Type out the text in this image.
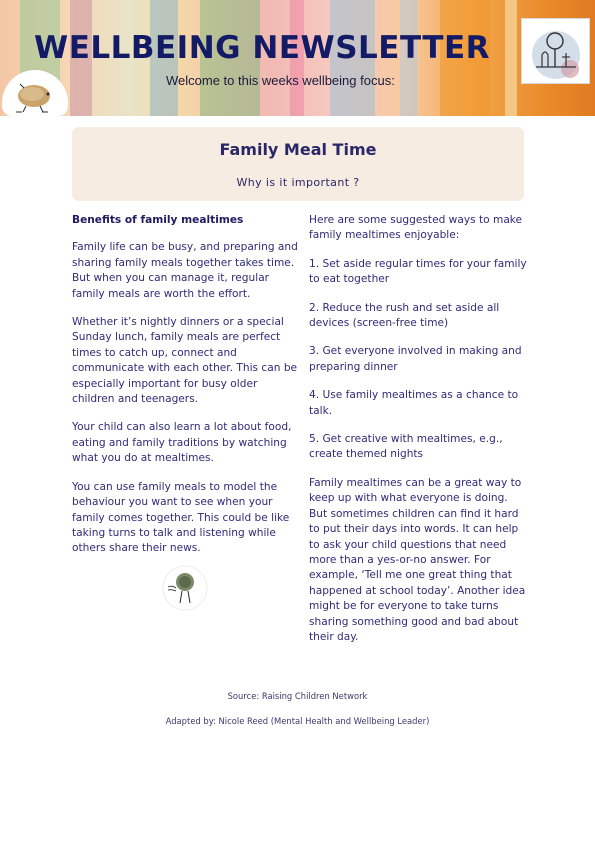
WELLBEING NEWSLETTER
Welcome to this weeks wellbeing focus:
Family Meal Time
Why is it important ?

Benefits of family mealtimes

Family life can be busy, and preparing and sharing family meals together takes time. But when you can manage it, regular family meals are worth the effort.

Whether it’s nightly dinners or a special Sunday lunch, family meals are perfect times to catch up, connect and communicate with each other. This can be especially important for busy older children and teenagers.

Your child can also learn a lot about food, eating and family traditions by watching what you do at mealtimes.

You can use family meals to model the behaviour you want to see when your family comes together. This could be like taking turns to talk and listening while others share their news.

Here are some suggested ways to make family mealtimes enjoyable:

1. Set aside regular times for your family to eat together

2. Reduce the rush and set aside all devices (screen-free time)

3. Get everyone involved in making and preparing dinner

4. Use family mealtimes as a chance to talk.

5. Get creative with mealtimes, e.g., create themed nights

Family mealtimes can be a great way to keep up with what everyone is doing. But sometimes children can find it hard to put their days into words. It can help to ask your child questions that need more than a yes-or-no answer. For example, ‘Tell me one great thing that happened at school today’. Another idea might be for everyone to take turns sharing something good and bad about their day.

Source: Raising Children Network
Adapted by: Nicole Reed (Mental Health and Wellbeing Leader)
